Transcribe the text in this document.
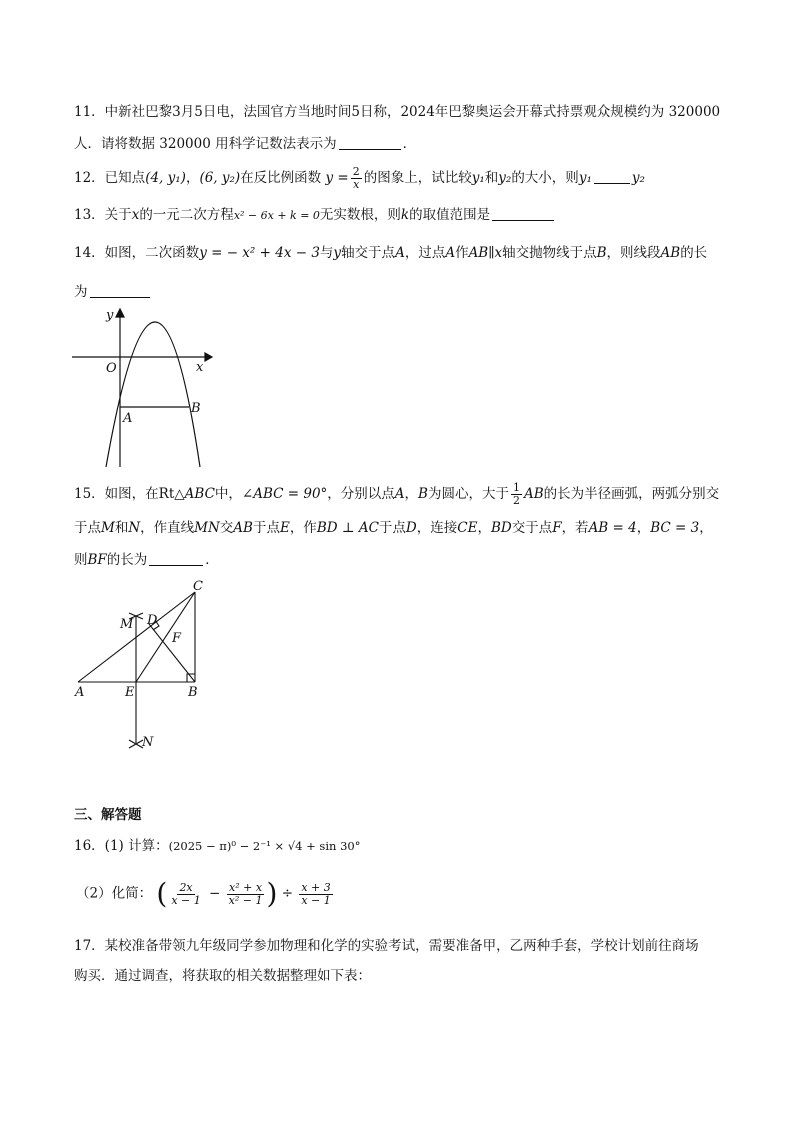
11．中新社巴黎3月5日电，法国官方当地时间5日称，2024年巴黎奥运会开幕式持票观众规模约为 320000
人．请将数据 320000 用科学记数法表示为	．
12．已知点(4, y₁)，(6, y₂)在反比例函数 $y = \frac{2}{x}$ 的图象上，试比较y₁和y₂的大小，则y₁	y₂
13．关于x的一元二次方程x² − 6x + k = 0无实数根，则k的取值范围是
14．如图，二次函数y = − x² + 4x − 3与y轴交于点A，过点A作AB∥x轴交抛物线于点B，则线段AB的长
为
y
x
O
A
B
15．如图，在Rt△ABC中，∠ABC = 90°，分别以点A，B为圆心，大于 $\frac{1}{2}$ AB的长为半径画弧，两弧分别交
于点M和N，作直线MN交AB于点E，作BD ⊥ AC于点D，连接CE，BD交于点F，若AB = 4，BC = 3，
则BF的长为	．
C
M D
F
A	E	B
N
三、解答题
16．(1) 计算：(2025 − π)⁰ − 2⁻¹ × √4 + sin 30°
（2）化简： ( $\frac{2x}{x - 1} - \frac{\text{x² + x}}{\text{x² − 1}}$ ) ÷ $\frac{x + 3}{x - 1}$
17．某校准备带领九年级同学参加物理和化学的实验考试，需要准备甲，乙两种手套，学校计划前往商场
购买．通过调查，将获取的相关数据整理如下表：
